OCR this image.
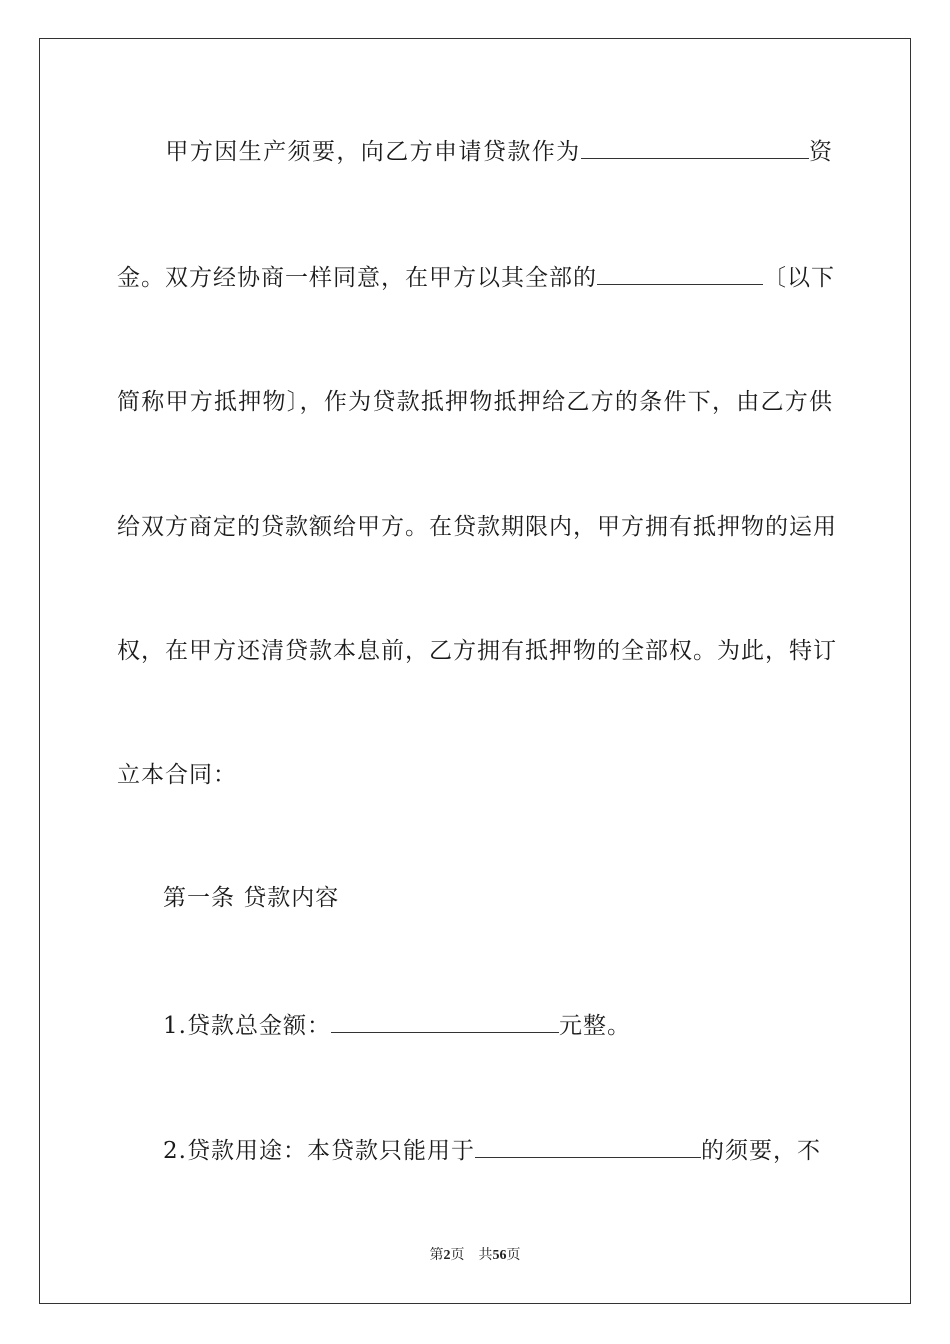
甲方因生产须要，向乙方申请贷款作为	资
金。双方经协商一样同意，在甲方以其全部的	〔以下
简称甲方抵押物〕，作为贷款抵押物抵押给乙方的条件下，由乙方供
给双方商定的贷款额给甲方。在贷款期限内，甲方拥有抵押物的运用
权，在甲方还清贷款本息前，乙方拥有抵押物的全部权。为此，特订
立本合同：
第一条 贷款内容
1.贷款总金额：	元整。
2.贷款用途：本贷款只能用于	的须要，不
第2页 共56页
